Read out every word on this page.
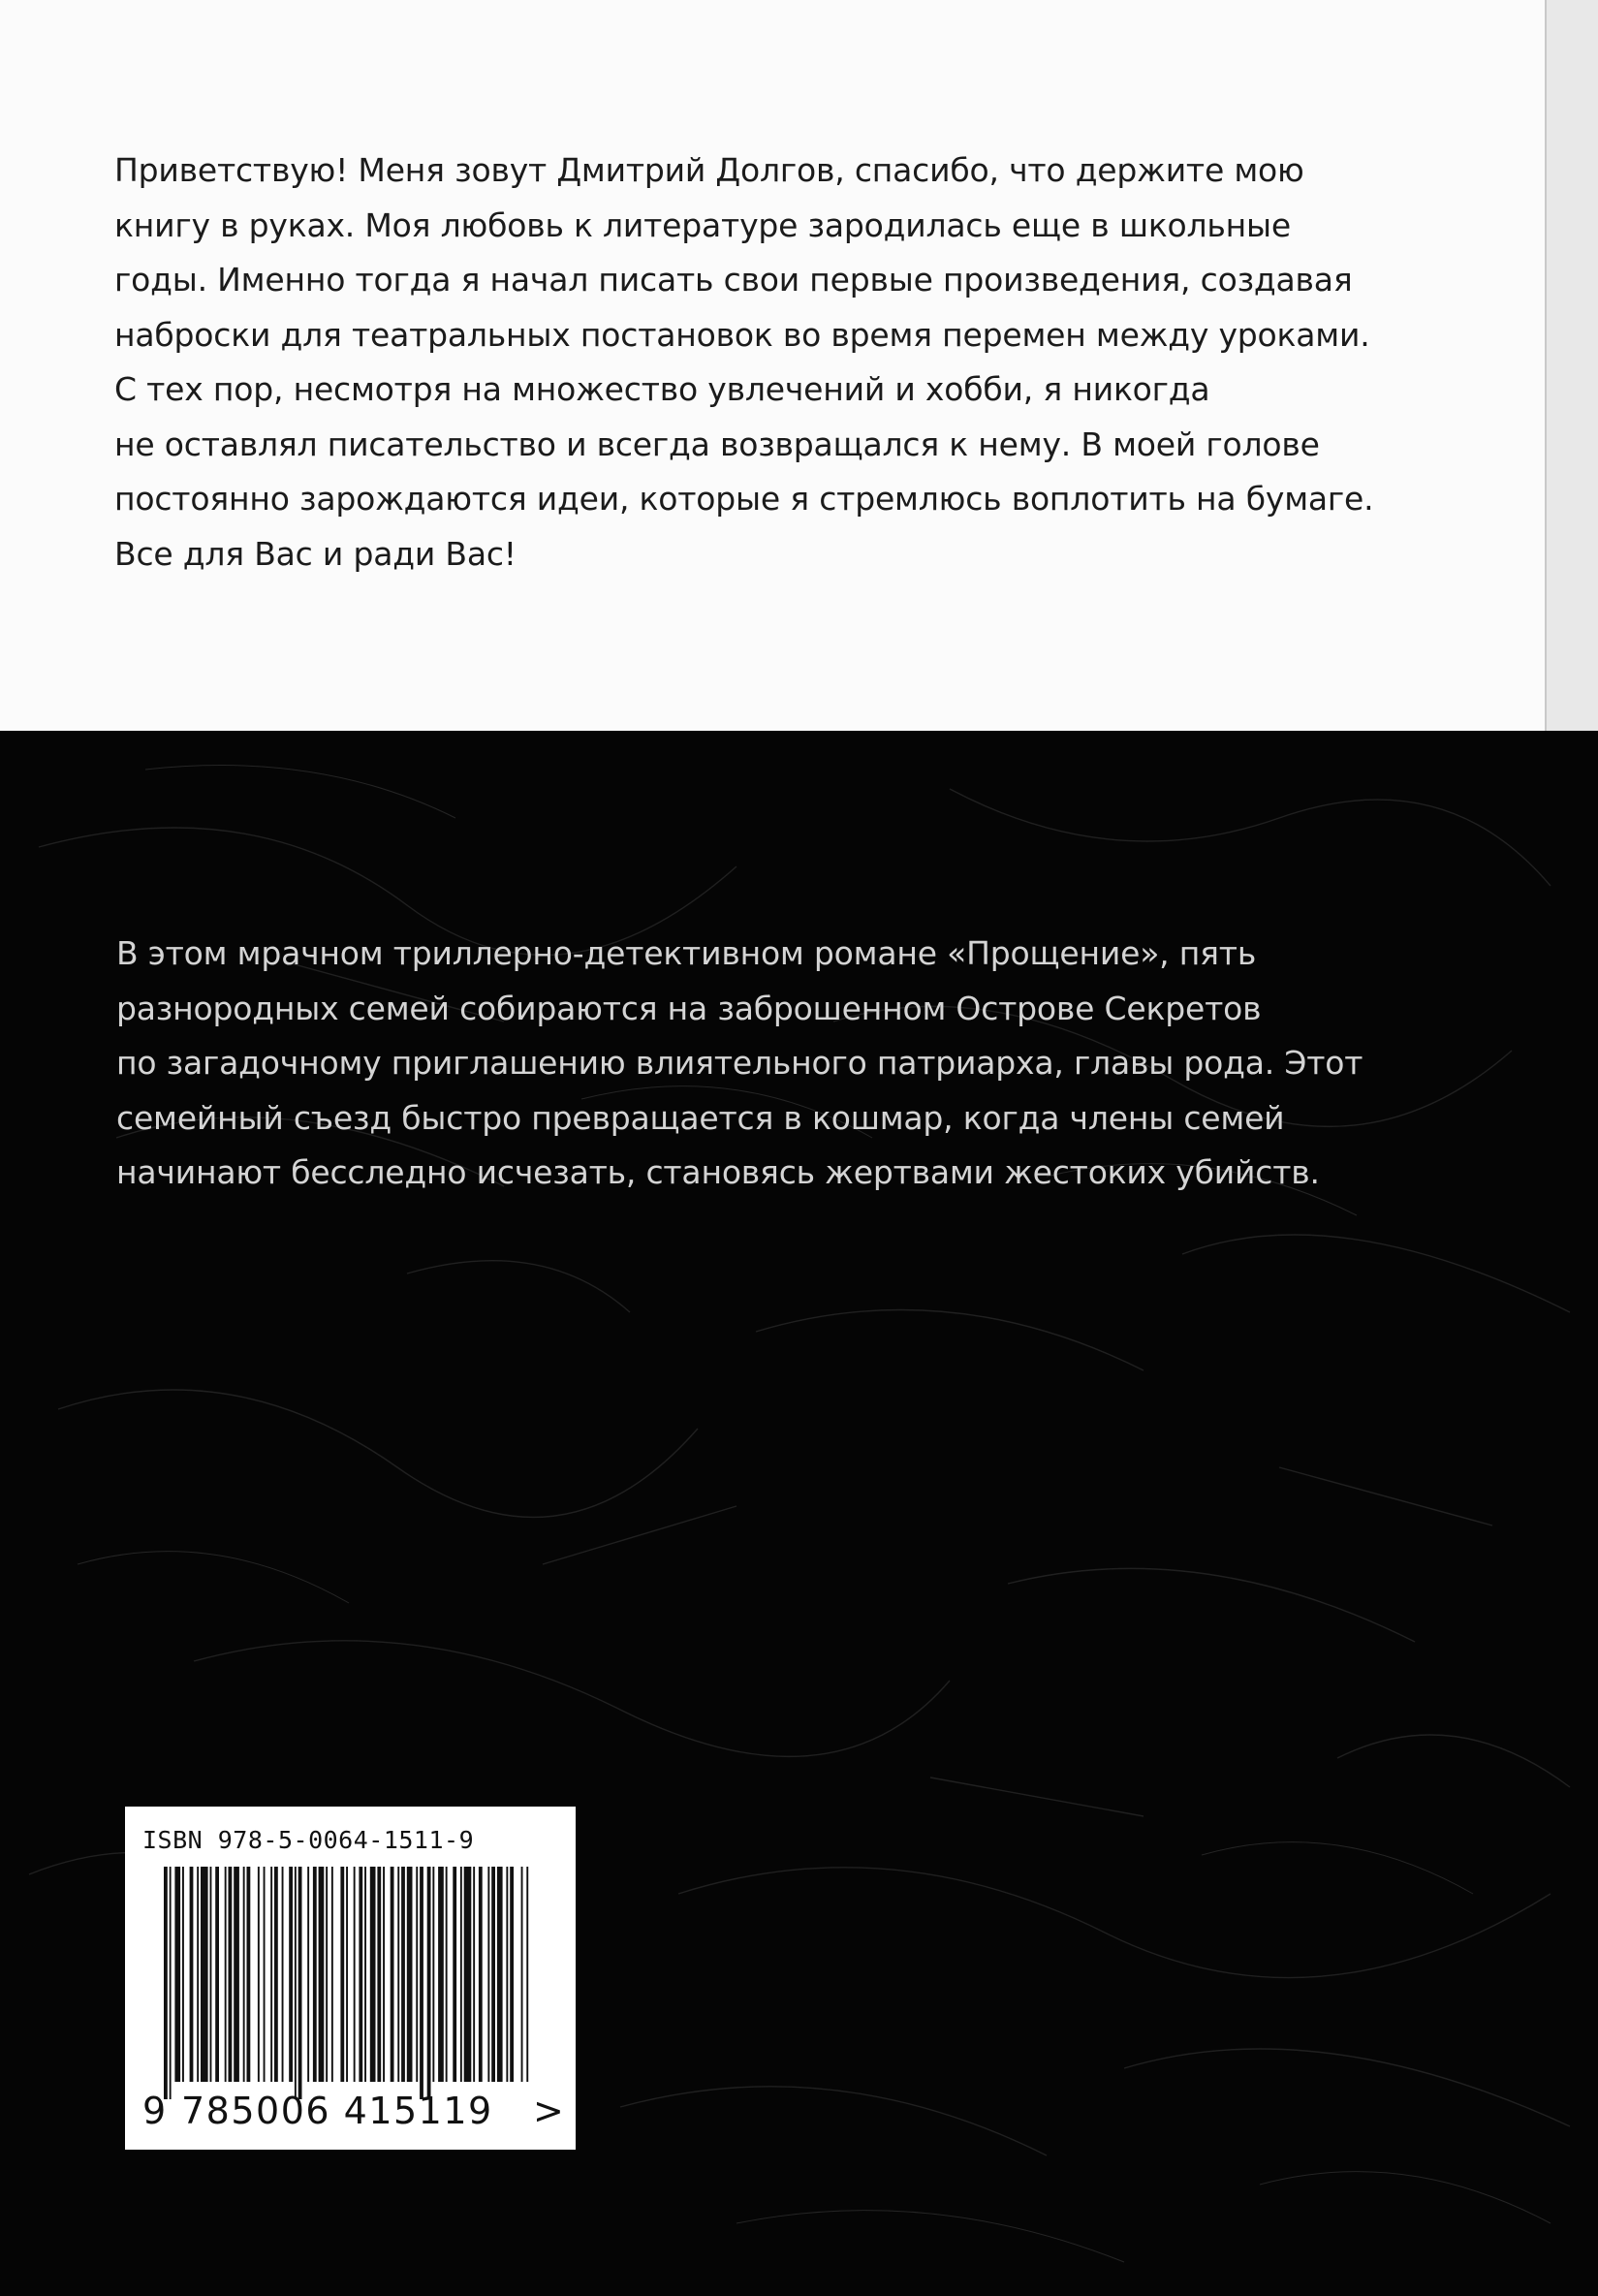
Приветствую! Меня зовут Дмитрий Долгов, спасибо, что держите мою
книгу в руках. Моя любовь к литературе зародилась еще в школьные
годы. Именно тогда я начал писать свои первые произведения, создавая
наброски для театральных постановок во время перемен между уроками.
С тех пор, несмотря на множество увлечений и хобби, я никогда
не оставлял писательство и всегда возвращался к нему. В моей голове
постоянно зарождаются идеи, которые я стремлюсь воплотить на бумаге.
Все для Вас и ради Вас!

В этом мрачном триллерно-детективном романе «Прощение», пять
разнородных семей собираются на заброшенном Острове Секретов
по загадочному приглашению влиятельного патриарха, главы рода. Этот
семейный съезд быстро превращается в кошмар, когда члены семей
начинают бесследно исчезать, становясь жертвами жестоких убийств.

ISBN 978-5-0064-1511-9
9 785006 415119 >
